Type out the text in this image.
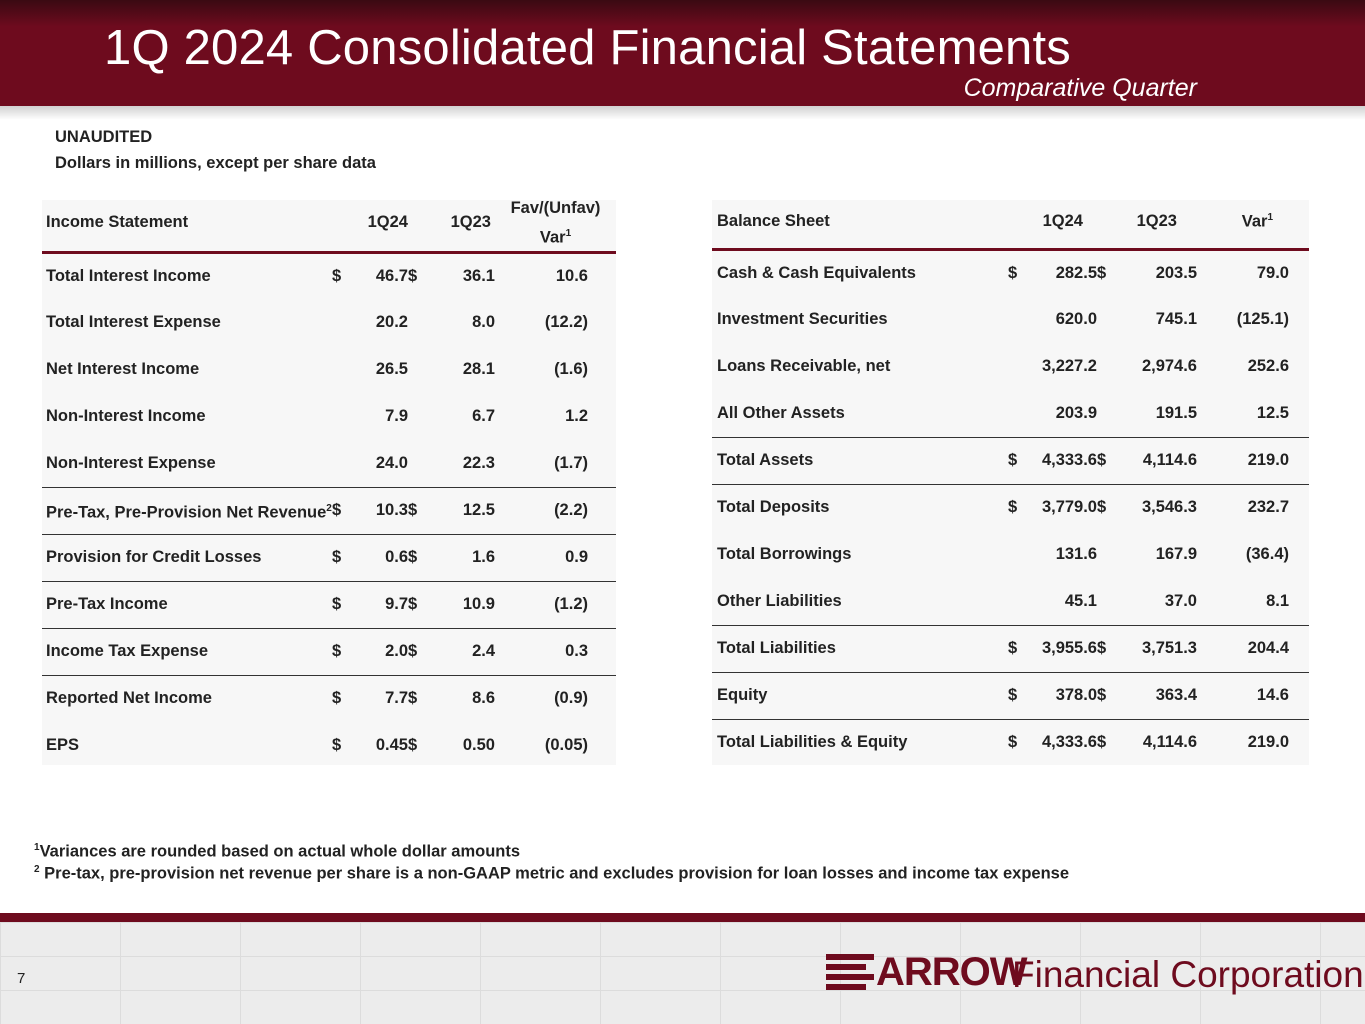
1Q 2024 Consolidated Financial Statements
Comparative Quarter
UNAUDITED
Dollars in millions, except per share data
Income Statement	1Q24		1Q23		Fav/(Unfav)
Var$^1$
Total Interest Income	$	46.7	$	36.1	10.6	
Total Interest Expense		20.2		8.0	(12.2)	
Net Interest Income		26.5		28.1	(1.6)	
Non-Interest Income		7.9		6.7	1.2	
Non-Interest Expense		24.0		22.3	(1.7)	
Pre-Tax, Pre-Provision Net Revenue$^2$	$	10.3	$	12.5	(2.2)	
Provision for Credit Losses	$	0.6	$	1.6	0.9	
Pre-Tax Income	$	9.7	$	10.9	(1.2)	
Income Tax Expense	$	2.0	$	2.4	0.3	
Reported Net Income	$	7.7	$	8.6	(0.9)	
EPS	$	0.45	$	0.50	(0.05)	
Balance Sheet	1Q24		1Q23		Var$^1$
Cash & Cash Equivalents	$	282.5	$	203.5	79.0	
Investment Securities		620.0		745.1	(125.1)	
Loans Receivable, net		3,227.2		2,974.6	252.6	
All Other Assets		203.9		191.5	12.5	
Total Assets	$	4,333.6	$	4,114.6	219.0	
Total Deposits	$	3,779.0	$	3,546.3	232.7	
Total Borrowings		131.6		167.9	(36.4)	
Other Liabilities		45.1		37.0	8.1	
Total Liabilities	$	3,955.6	$	3,751.3	204.4	
Equity	$	378.0	$	363.4	14.6	
Total Liabilities & Equity	$	4,333.6	$	4,114.6	219.0	
$^1$Variances are rounded based on actual whole dollar amounts
$^2$ Pre-tax, pre-provision net revenue per share is a non-GAAP metric and excludes provision for loan losses and income tax expense
7	ARROW
Financial Corporation
